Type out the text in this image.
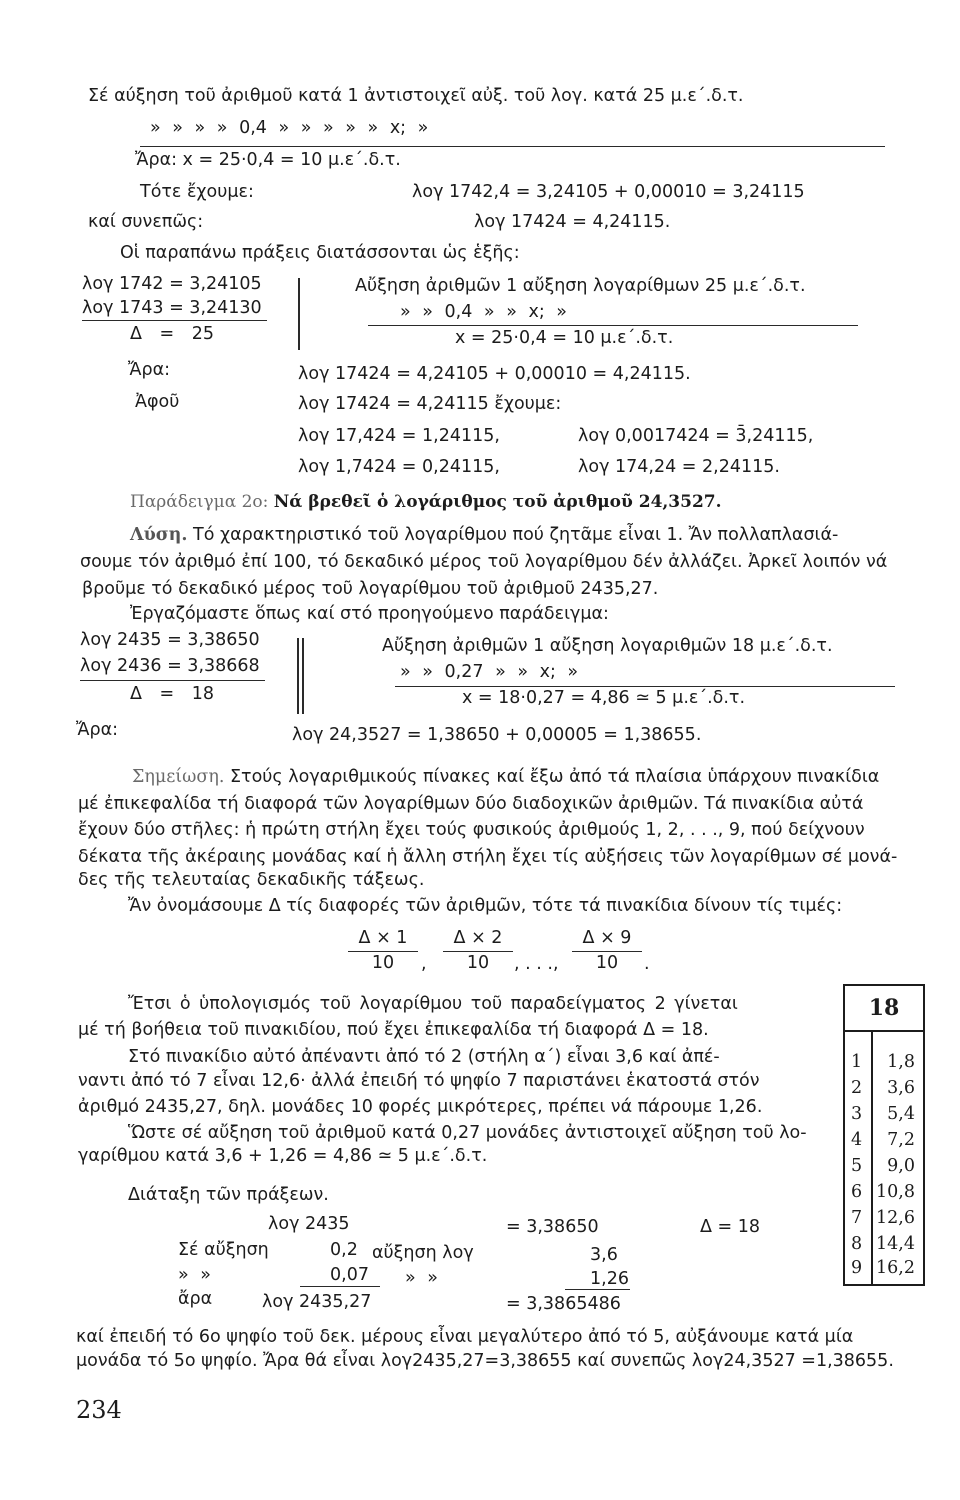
Σέ αύξηση τοῦ ἀριθμοῦ κατά 1 ἀντιστοιχεῖ αὐξ. τοῦ λογ. κατά 25 μ.ε΄.δ.τ.
» » » » 0,4 » » » » » x; »
Ἄρα: x = 25·0,4 = 10 μ.ε΄.δ.τ.
Τότε ἔχουμε:	λογ 1742,4 = 3,24105 + 0,00010 = 3,24115
καί συνεπῶς:	λογ 17424 = 4,24115.
Οἱ παραπάνω πράξεις διατάσσονται ὡς ἑξῆς:
λογ 1742 = 3,24105	Αὔξηση ἀριθμῶν 1 αὔξηση λογαρίθμων 25 μ.ε΄.δ.τ.
λογ 1743 = 3,24130	» » 0,4 » » x; »
Δ = 25	x = 25·0,4 = 10 μ.ε΄.δ.τ.
Ἄρα:	λογ 17424 = 4,24105 + 0,00010 = 4,24115.
Ἀφοῦ	λογ 17424 = 4,24115 ἔχουμε:
λογ 17,424 = 1,24115,	λογ 0,0017424 = 3̄,24115,
λογ 1,7424 = 0,24115,	λογ 174,24 = 2,24115.
Παράδειγμα 2ο: Νά βρεθεῖ ὁ λογάριθμος τοῦ ἀριθμοῦ 24,3527.
Λύση. Τό χαρακτηριστικό τοῦ λογαρίθμου πού ζητᾶμε εἶναι 1. Ἄν πολλαπλασιά-
σουμε τόν ἀριθμό ἐπί 100, τό δεκαδικό μέρος τοῦ λογαρίθμου δέν ἀλλάζει. Ἀρκεῖ λοιπόν νά
βροῦμε τό δεκαδικό μέρος τοῦ λογαρίθμου τοῦ ἀριθμοῦ 2435,27.
Ἐργαζόμαστε ὅπως καί στό προηγούμενο παράδειγμα:
λογ 2435 = 3,38650	Αὔξηση ἀριθμῶν 1 αὔξηση λογαριθμῶν 18 μ.ε΄.δ.τ.
λογ 2436 = 3,38668	» » 0,27 » » x; »
Δ = 18	x = 18·0,27 = 4,86 ≃ 5 μ.ε΄.δ.τ.
Ἄρα:	λογ 24,3527 = 1,38650 + 0,00005 = 1,38655.
Σημείωση. Στούς λογαριθμικούς πίνακες καί ἔξω ἀπό τά πλαίσια ὑπάρχουν πινακίδια
μέ ἐπικεφαλίδα τή διαφορά τῶν λογαρίθμων δύο διαδοχικῶν ἀριθμῶν. Τά πινακίδια αὐτά
ἔχουν δύο στῆλες: ἡ πρώτη στήλη ἔχει τούς φυσικούς ἀριθμούς 1, 2, . . ., 9, πού δείχνουν
δέκατα τῆς ἀκέραιης μονάδας καί ἡ ἄλλη στήλη ἔχει τίς αὐξήσεις τῶν λογαρίθμων σέ μονά-
δες τῆς τελευταίας δεκαδικῆς τάξεως.
Ἄν ὀνομάσουμε Δ τίς διαφορές τῶν ἀριθμῶν, τότε τά πινακίδια δίνουν τίς τιμές:
Δ × 1
10	,
Δ × 2
10	, . . .,
Δ × 9
10	.
Ἔτσι ὁ ὑπολογισμός τοῦ λογαρίθμου τοῦ παραδείγματος 2 γίνεται
μέ τή βοήθεια τοῦ πινακιδίου, πού ἔχει ἐπικεφαλίδα τή διαφορά Δ = 18.
Στό πινακίδιο αὐτό ἀπέναντι ἀπό τό 2 (στήλη α΄) εἶναι 3,6 καί ἀπέ-
ναντι ἀπό τό 7 εἶναι 12,6· ἀλλά ἐπειδή τό ψηφίο 7 παριστάνει ἑκατοστά στόν
ἀριθμό 2435,27, δηλ. μονάδες 10 φορές μικρότερες, πρέπει νά πάρουμε 1,26.
Ὥστε σέ αὔξηση τοῦ ἀριθμοῦ κατά 0,27 μονάδες ἀντιστοιχεῖ αὔξηση τοῦ λο-
γαρίθμου κατά 3,6 + 1,26 = 4,86 ≃ 5 μ.ε΄.δ.τ.
Διάταξη τῶν πράξεων.
λογ 2435	= 3,38650	Δ = 18
Σέ αὔξηση	0,2 αὔξηση λογ	3,6
» »	0,07 » »	1,26
ἄρα	λογ 2435,27	= 3,3865486
καί ἐπειδή τό 6ο ψηφίο τοῦ δεκ. μέρους εἶναι μεγαλύτερο ἀπό τό 5, αὐξάνουμε κατά μία
μονάδα τό 5ο ψηφίο. Ἄρα θά εἶναι λογ2435,27=3,38655 καί συνεπῶς λογ24,3527 =1,38655.
18
1	1,8
2	3,6
3	5,4
4	7,2
5	9,0
6 10,8
7 12,6
8 14,4
9 16,2
234
